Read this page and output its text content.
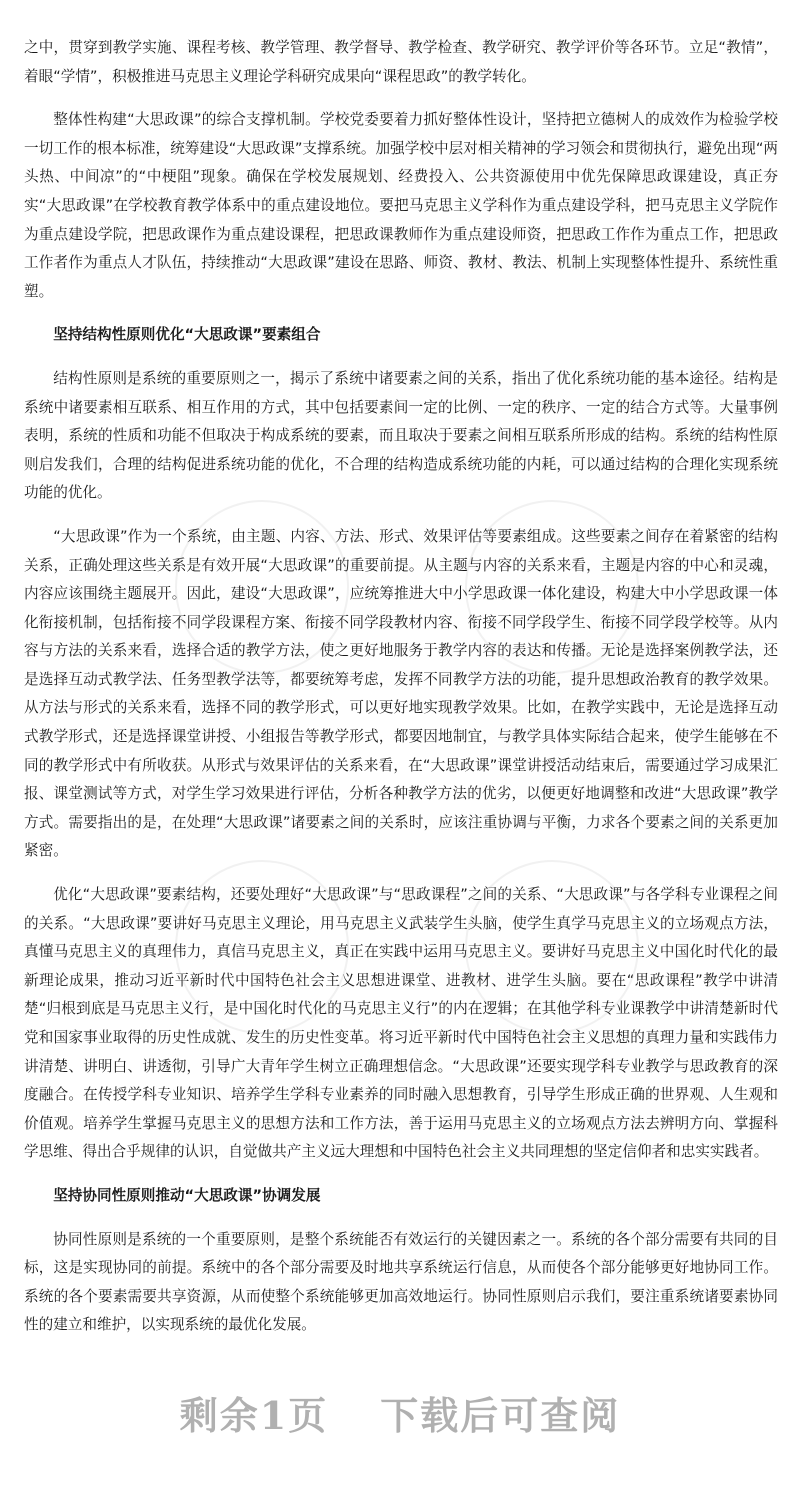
之中，贯穿到教学实施、课程考核、教学管理、教学督导、教学检查、教学研究、教学评价等各环节。立足“教情”，着眼“学情”，积极推进马克思主义理论学科研究成果向“课程思政”的教学转化。

整体性构建“大思政课”的综合支撑机制。学校党委要着力抓好整体性设计，坚持把立德树人的成效作为检验学校一切工作的根本标准，统筹建设“大思政课”支撑系统。加强学校中层对相关精神的学习领会和贯彻执行，避免出现“两头热、中间凉”的“中梗阻”现象。确保在学校发展规划、经费投入、公共资源使用中优先保障思政课建设，真正夯实“大思政课”在学校教育教学体系中的重点建设地位。要把马克思主义学科作为重点建设学科，把马克思主义学院作为重点建设学院，把思政课作为重点建设课程，把思政课教师作为重点建设师资，把思政工作作为重点工作，把思政工作者作为重点人才队伍，持续推动“大思政课”建设在思路、师资、教材、教法、机制上实现整体性提升、系统性重塑。

坚持结构性原则优化“大思政课”要素组合

结构性原则是系统的重要原则之一，揭示了系统中诸要素之间的关系，指出了优化系统功能的基本途径。结构是系统中诸要素相互联系、相互作用的方式，其中包括要素间一定的比例、一定的秩序、一定的结合方式等。大量事例表明，系统的性质和功能不但取决于构成系统的要素，而且取决于要素之间相互联系所形成的结构。系统的结构性原则启发我们，合理的结构促进系统功能的优化，不合理的结构造成系统功能的内耗，可以通过结构的合理化实现系统功能的优化。

“大思政课”作为一个系统，由主题、内容、方法、形式、效果评估等要素组成。这些要素之间存在着紧密的结构关系，正确处理这些关系是有效开展“大思政课”的重要前提。从主题与内容的关系来看，主题是内容的中心和灵魂，内容应该围绕主题展开。因此，建设“大思政课”，应统筹推进大中小学思政课一体化建设，构建大中小学思政课一体化衔接机制，包括衔接不同学段课程方案、衔接不同学段教材内容、衔接不同学段学生、衔接不同学段学校等。从内容与方法的关系来看，选择合适的教学方法，使之更好地服务于教学内容的表达和传播。无论是选择案例教学法，还是选择互动式教学法、任务型教学法等，都要统筹考虑，发挥不同教学方法的功能，提升思想政治教育的教学效果。从方法与形式的关系来看，选择不同的教学形式，可以更好地实现教学效果。比如，在教学实践中，无论是选择互动式教学形式，还是选择课堂讲授、小组报告等教学形式，都要因地制宜，与教学具体实际结合起来，使学生能够在不同的教学形式中有所收获。从形式与效果评估的关系来看，在“大思政课”课堂讲授活动结束后，需要通过学习成果汇报、课堂测试等方式，对学生学习效果进行评估，分析各种教学方法的优劣，以便更好地调整和改进“大思政课”教学方式。需要指出的是，在处理“大思政课”诸要素之间的关系时，应该注重协调与平衡，力求各个要素之间的关系更加紧密。

优化“大思政课”要素结构，还要处理好“大思政课”与“思政课程”之间的关系、“大思政课”与各学科专业课程之间的关系。“大思政课”要讲好马克思主义理论，用马克思主义武装学生头脑，使学生真学马克思主义的立场观点方法，真懂马克思主义的真理伟力，真信马克思主义，真正在实践中运用马克思主义。要讲好马克思主义中国化时代化的最新理论成果，推动习近平新时代中国特色社会主义思想进课堂、进教材、进学生头脑。要在“思政课程”教学中讲清楚“归根到底是马克思主义行，是中国化时代化的马克思主义行”的内在逻辑；在其他学科专业课教学中讲清楚新时代党和国家事业取得的历史性成就、发生的历史性变革。将习近平新时代中国特色社会主义思想的真理力量和实践伟力讲清楚、讲明白、讲透彻，引导广大青年学生树立正确理想信念。“大思政课”还要实现学科专业教学与思政教育的深度融合。在传授学科专业知识、培养学生学科专业素养的同时融入思想教育，引导学生形成正确的世界观、人生观和价值观。培养学生掌握马克思主义的思想方法和工作方法，善于运用马克思主义的立场观点方法去辨明方向、掌握科学思维、得出合乎规律的认识，自觉做共产主义远大理想和中国特色社会主义共同理想的坚定信仰者和忠实实践者。

坚持协同性原则推动“大思政课”协调发展

协同性原则是系统的一个重要原则，是整个系统能否有效运行的关键因素之一。系统的各个部分需要有共同的目标，这是实现协同的前提。系统中的各个部分需要及时地共享系统运行信息，从而使各个部分能够更好地协同工作。系统的各个要素需要共享资源，从而使整个系统能够更加高效地运行。协同性原则启示我们，要注重系统诸要素协同性的建立和维护，以实现系统的最优化发展。

剩余1页 下载后可查阅
